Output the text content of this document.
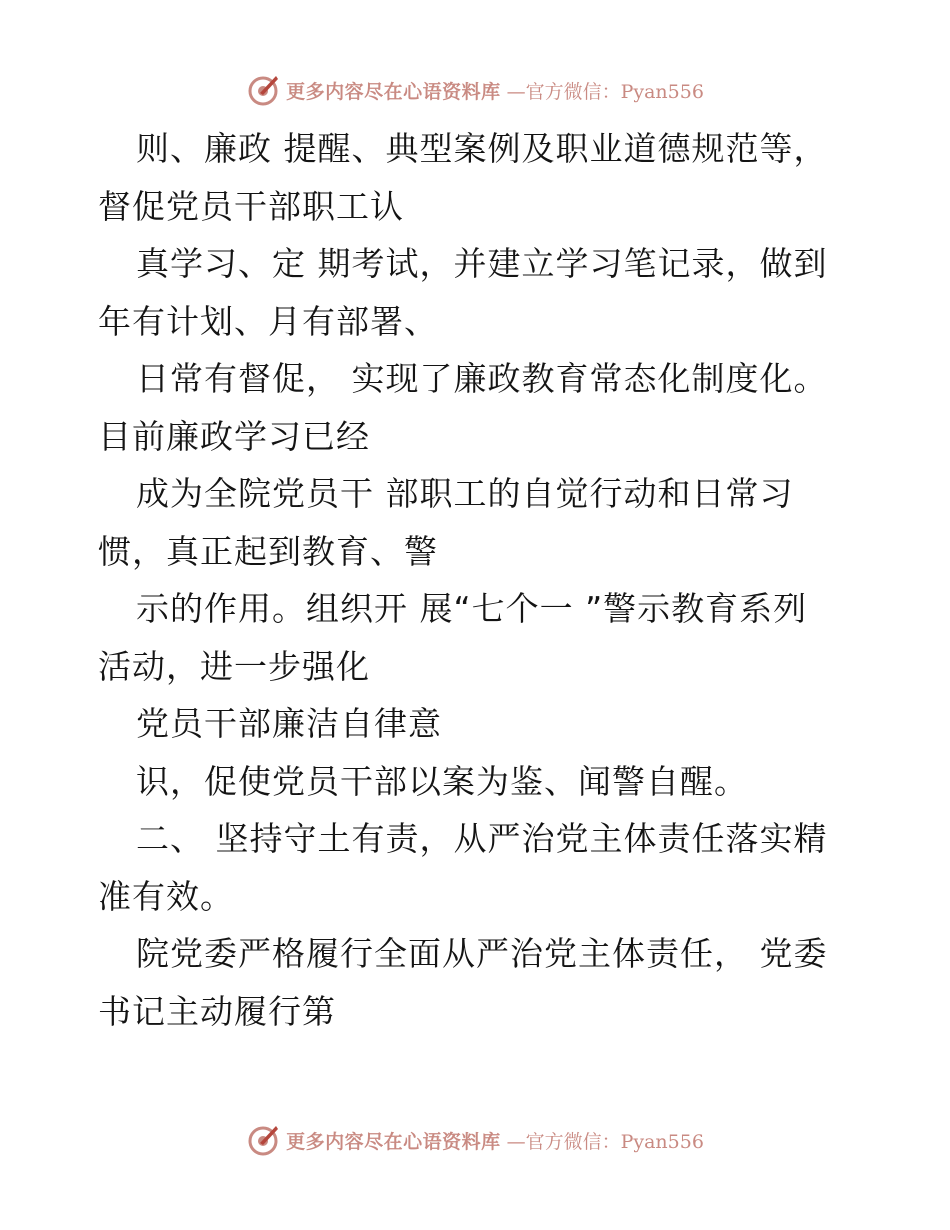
更多内容尽在心语资料库 —官方微信：Pyan556
则、廉政 提醒、典型案例及职业道德规范等，
督促党员干部职工认
真学习、定 期考试，并建立学习笔记录，做到
年有计划、月有部署、
日常有督促， 实现了廉政教育常态化制度化。
目前廉政学习已经
成为全院党员干 部职工的自觉行动和日常习
惯，真正起到教育、警
示的作用。组织开 展“七个一 ”警示教育系列
活动，进一步强化
党员干部廉洁自律意
识，促使党员干部以案为鉴、闻警自醒。
二、 坚持守土有责，从严治党主体责任落实精
准有效。
院党委严格履行全面从严治党主体责任， 党委
书记主动履行第
更多内容尽在心语资料库 —官方微信：Pyan556
